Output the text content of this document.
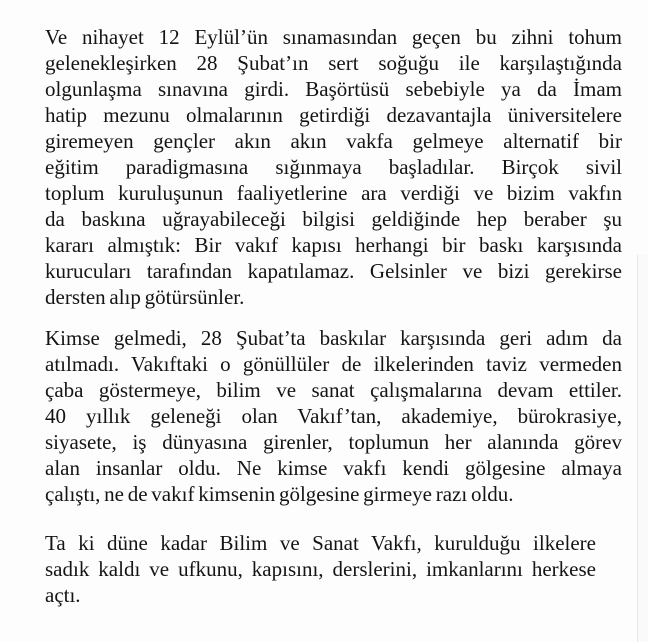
Ve nihayet 12 Eylül’ün sınamasından geçen bu zihni tohum
gelenekleşirken 28 Şubat’ın sert soğuğu ile karşılaştığında
olgunlaşma sınavına girdi. Başörtüsü sebebiyle ya da İmam
hatip mezunu olmalarının getirdiği dezavantajla üniversitelere
giremeyen gençler akın akın vakfa gelmeye alternatif bir
eğitim paradigmasına sığınmaya başladılar. Birçok sivil
toplum kuruluşunun faaliyetlerine ara verdiği ve bizim vakfın
da baskına uğrayabileceği bilgisi geldiğinde hep beraber şu
kararı almıştık: Bir vakıf kapısı herhangi bir baskı karşısında
kurucuları tarafından kapatılamaz. Gelsinler ve bizi gerekirse
dersten alıp götürsünler.
Kimse gelmedi, 28 Şubat’ta baskılar karşısında geri adım da
atılmadı. Vakıftaki o gönüllüler de ilkelerinden taviz vermeden
çaba göstermeye, bilim ve sanat çalışmalarına devam ettiler.
40 yıllık geleneği olan Vakıf’tan, akademiye, bürokrasiye,
siyasete, iş dünyasına girenler, toplumun her alanında görev
alan insanlar oldu. Ne kimse vakfı kendi gölgesine almaya
çalıştı, ne de vakıf kimsenin gölgesine girmeye razı oldu.
Ta ki düne kadar Bilim ve Sanat Vakfı, kurulduğu ilkelere
sadık kaldı ve ufkunu, kapısını, derslerini, imkanlarını herkese
açtı.
